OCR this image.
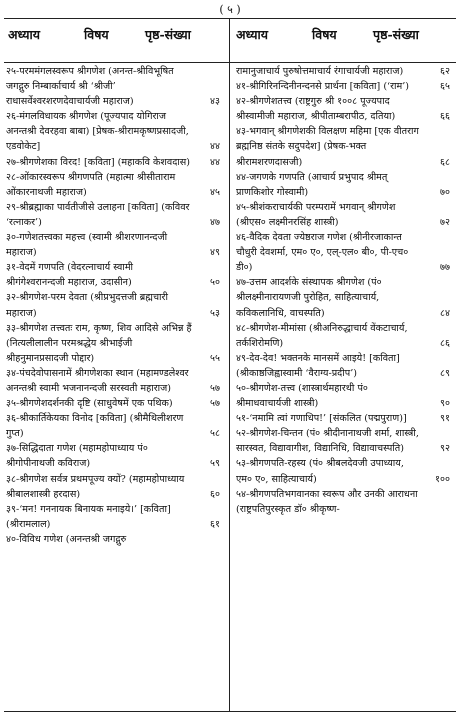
( ५ )
अध्याय	विषय	पृष्ठ-संख्या	अध्याय	विषय	पृष्ठ-संख्या
२५-परममंगलस्वरूप श्रीगणेश (अनन्त-श्रीविभूषित जगद्गुरु निम्बार्काचार्य श्री ‘श्रीजी’ राधासर्वेश्वरशरणदेवाचार्यजी महाराज)	४३
२६-मंगलविधायक श्रीगणेश (पूज्यपाद योगिराज अनन्तश्री देवरहवा बाबा) [प्रेषक-श्रीरामकृष्णप्रसादजी, एडवोकेट]	४४
२७-श्रीगणेशका विरद! [कविता] (महाकवि केशवदास)	४४
२८-ओंकारस्वरूप श्रीगणपति (महात्मा श्रीसीताराम ओंकारनाथजी महाराज)	४५
२९-श्रीब्रह्माका पार्वतीजीसे उलाहना [कविता] (कविवर ‘रत्नाकर’)	४७
३०-गणेशतत्त्वका महत्त्व (स्वामी श्रीशरणानन्दजी महाराज)	४९
३१-वेदमें गणपति (वेदरत्नाचार्य स्वामी श्रीगंगेश्वरानन्दजी महाराज, उदासीन)	५०
३२-श्रीगणेश-परम देवता (श्रीप्रभुदत्तजी ब्रह्मचारी महाराज)	५३
३३-श्रीगणेश तत्त्वतः राम, कृष्ण, शिव आदिसे अभिन्न हैं (नित्यलीलालीन परमश्रद्धेय श्रीभाईजी श्रीहनुमानप्रसादजी पोद्दार)	५५
३४-पंचदेवोपासनामें श्रीगणेशका स्थान (महामण्डलेश्वर अनन्तश्री स्वामी भजनानन्दजी सरस्वती महाराज)	५७
३५-श्रीगणेशदर्शनकी दृष्टि (साधुवेषमें एक पथिक)	५७
३६-श्रीकार्तिकेयका विनोद [कविता] (श्रीमैथिलीशरण गुप्त)	५८
३७-सिद्धिदाता गणेश (महामहोपाध्याय पं० श्रीगोपीनाथजी कविराज)	५९
३८-श्रीगणेश सर्वत्र प्रथमपूज्य क्यों? (महामहोपाध्याय श्रीबालशास्त्री हरदास)	६०
३९-‘मन! गननायक बिनायक मनाइये।’ [कविता] (श्रीरामलाल)	६१
४०-विविध गणेश (अनन्तश्री जगद्गुरु
रामानुजाचार्य पुरुषोत्तमाचार्य रंगाचार्यजी महाराज)	६२
४१-श्रीगिरिनन्दिनीनन्दनसे प्रार्थना [कविता] (‘राम’)	६५
४२-श्रीगणेशतत्त्व (राष्ट्रगुरु श्री १००८ पूज्यपाद श्रीस्वामीजी महाराज, श्रीपीताम्बरापीठ, दतिया)	६६
४३-भगवान् श्रीगणेशकी विलक्षण महिमा [एक वीतराग ब्रह्मनिष्ठ संतके सदुपदेश] (प्रेषक-भक्त श्रीरामशरणदासजी)	६८
४४-जगणके गणपति (आचार्य प्रभुपाद श्रीमत् प्राणकिशोर गोस्वामी)	७०
४५-श्रीशंकराचार्यकी परम्परामें भगवान् श्रीगणेश (श्रीएस० लक्ष्मीनरसिंह शास्त्री)	७२
४६-वैदिक देवता ज्येष्ठराज गणेश (श्रीनीरजाकान्त चौधुरी देवशर्मा, एम० ए०, एल्-एल० बी०, पी-एच० डी०)	७७
४७-उत्तम आदर्शके संस्थापक श्रीगणेश (पं० श्रीलक्ष्मीनारायणजी पुरोहित, साहित्याचार्य, कविकलानिधि, वाचस्पति)	८४
४८-श्रीगणेश-मीमांसा (श्रीअनिरुद्धाचार्य वेंकटाचार्य, तर्कशिरोमणि)	८६
४९-देव-देव! भक्तनके मानसमें आइये! [कविता] (श्रीकाष्ठजिह्वास्वामी ‘वैराग्य-प्रदीप’)	८९
५०-श्रीगणेश-तत्त्व (शास्त्रार्थमहारथी पं० श्रीमाधवाचार्यजी शास्त्री)	९०
५१-‘नमामि त्वां गणाधिप!’ [संकलित (पद्मपुराण)]	९१
५२-श्रीगणेश-चिन्तन (पं० श्रीदीनानाथजी शर्मा, शास्त्री, सारस्वत, विद्यावागीश, विद्यानिधि, विद्यावाचस्पति)	९२
५३-श्रीगणपति-रहस्य (पं० श्रीबलदेवजी उपाध्याय, एम० ए०, साहित्याचार्य)	१००
५४-श्रीगणपतिभगवानका स्वरूप और उनकी आराधना (राष्ट्रपतिपुरस्कृत डॉ० श्रीकृष्ण-
